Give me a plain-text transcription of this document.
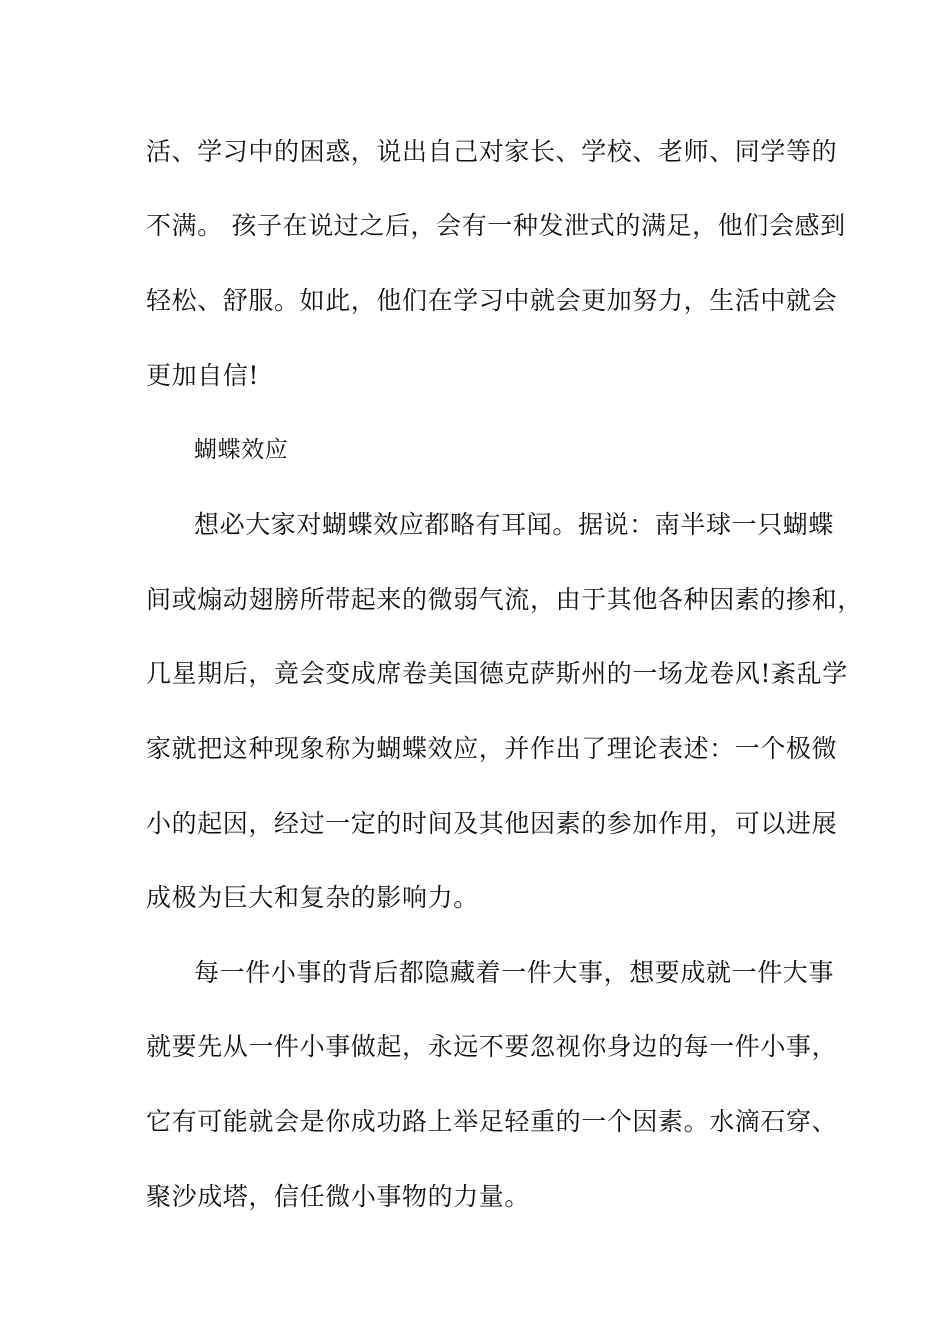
活、学习中的困惑，说出自己对家长、学校、老师、同学等的
不满。 孩子在说过之后，会有一种发泄式的满足，他们会感到
轻松、舒服。如此，他们在学习中就会更加努力，生活中就会
更加自信!
蝴蝶效应
想必大家对蝴蝶效应都略有耳闻。据说：南半球一只蝴蝶
间或煽动翅膀所带起来的微弱气流，由于其他各种因素的掺和，
几星期后，竟会变成席卷美国德克萨斯州的一场龙卷风!紊乱学
家就把这种现象称为蝴蝶效应，并作出了理论表述：一个极微
小的起因，经过一定的时间及其他因素的参加作用，可以进展
成极为巨大和复杂的影响力。
每一件小事的背后都隐藏着一件大事，想要成就一件大事
就要先从一件小事做起，永远不要忽视你身边的每一件小事，
它有可能就会是你成功路上举足轻重的一个因素。水滴石穿、
聚沙成塔，信任微小事物的力量。
